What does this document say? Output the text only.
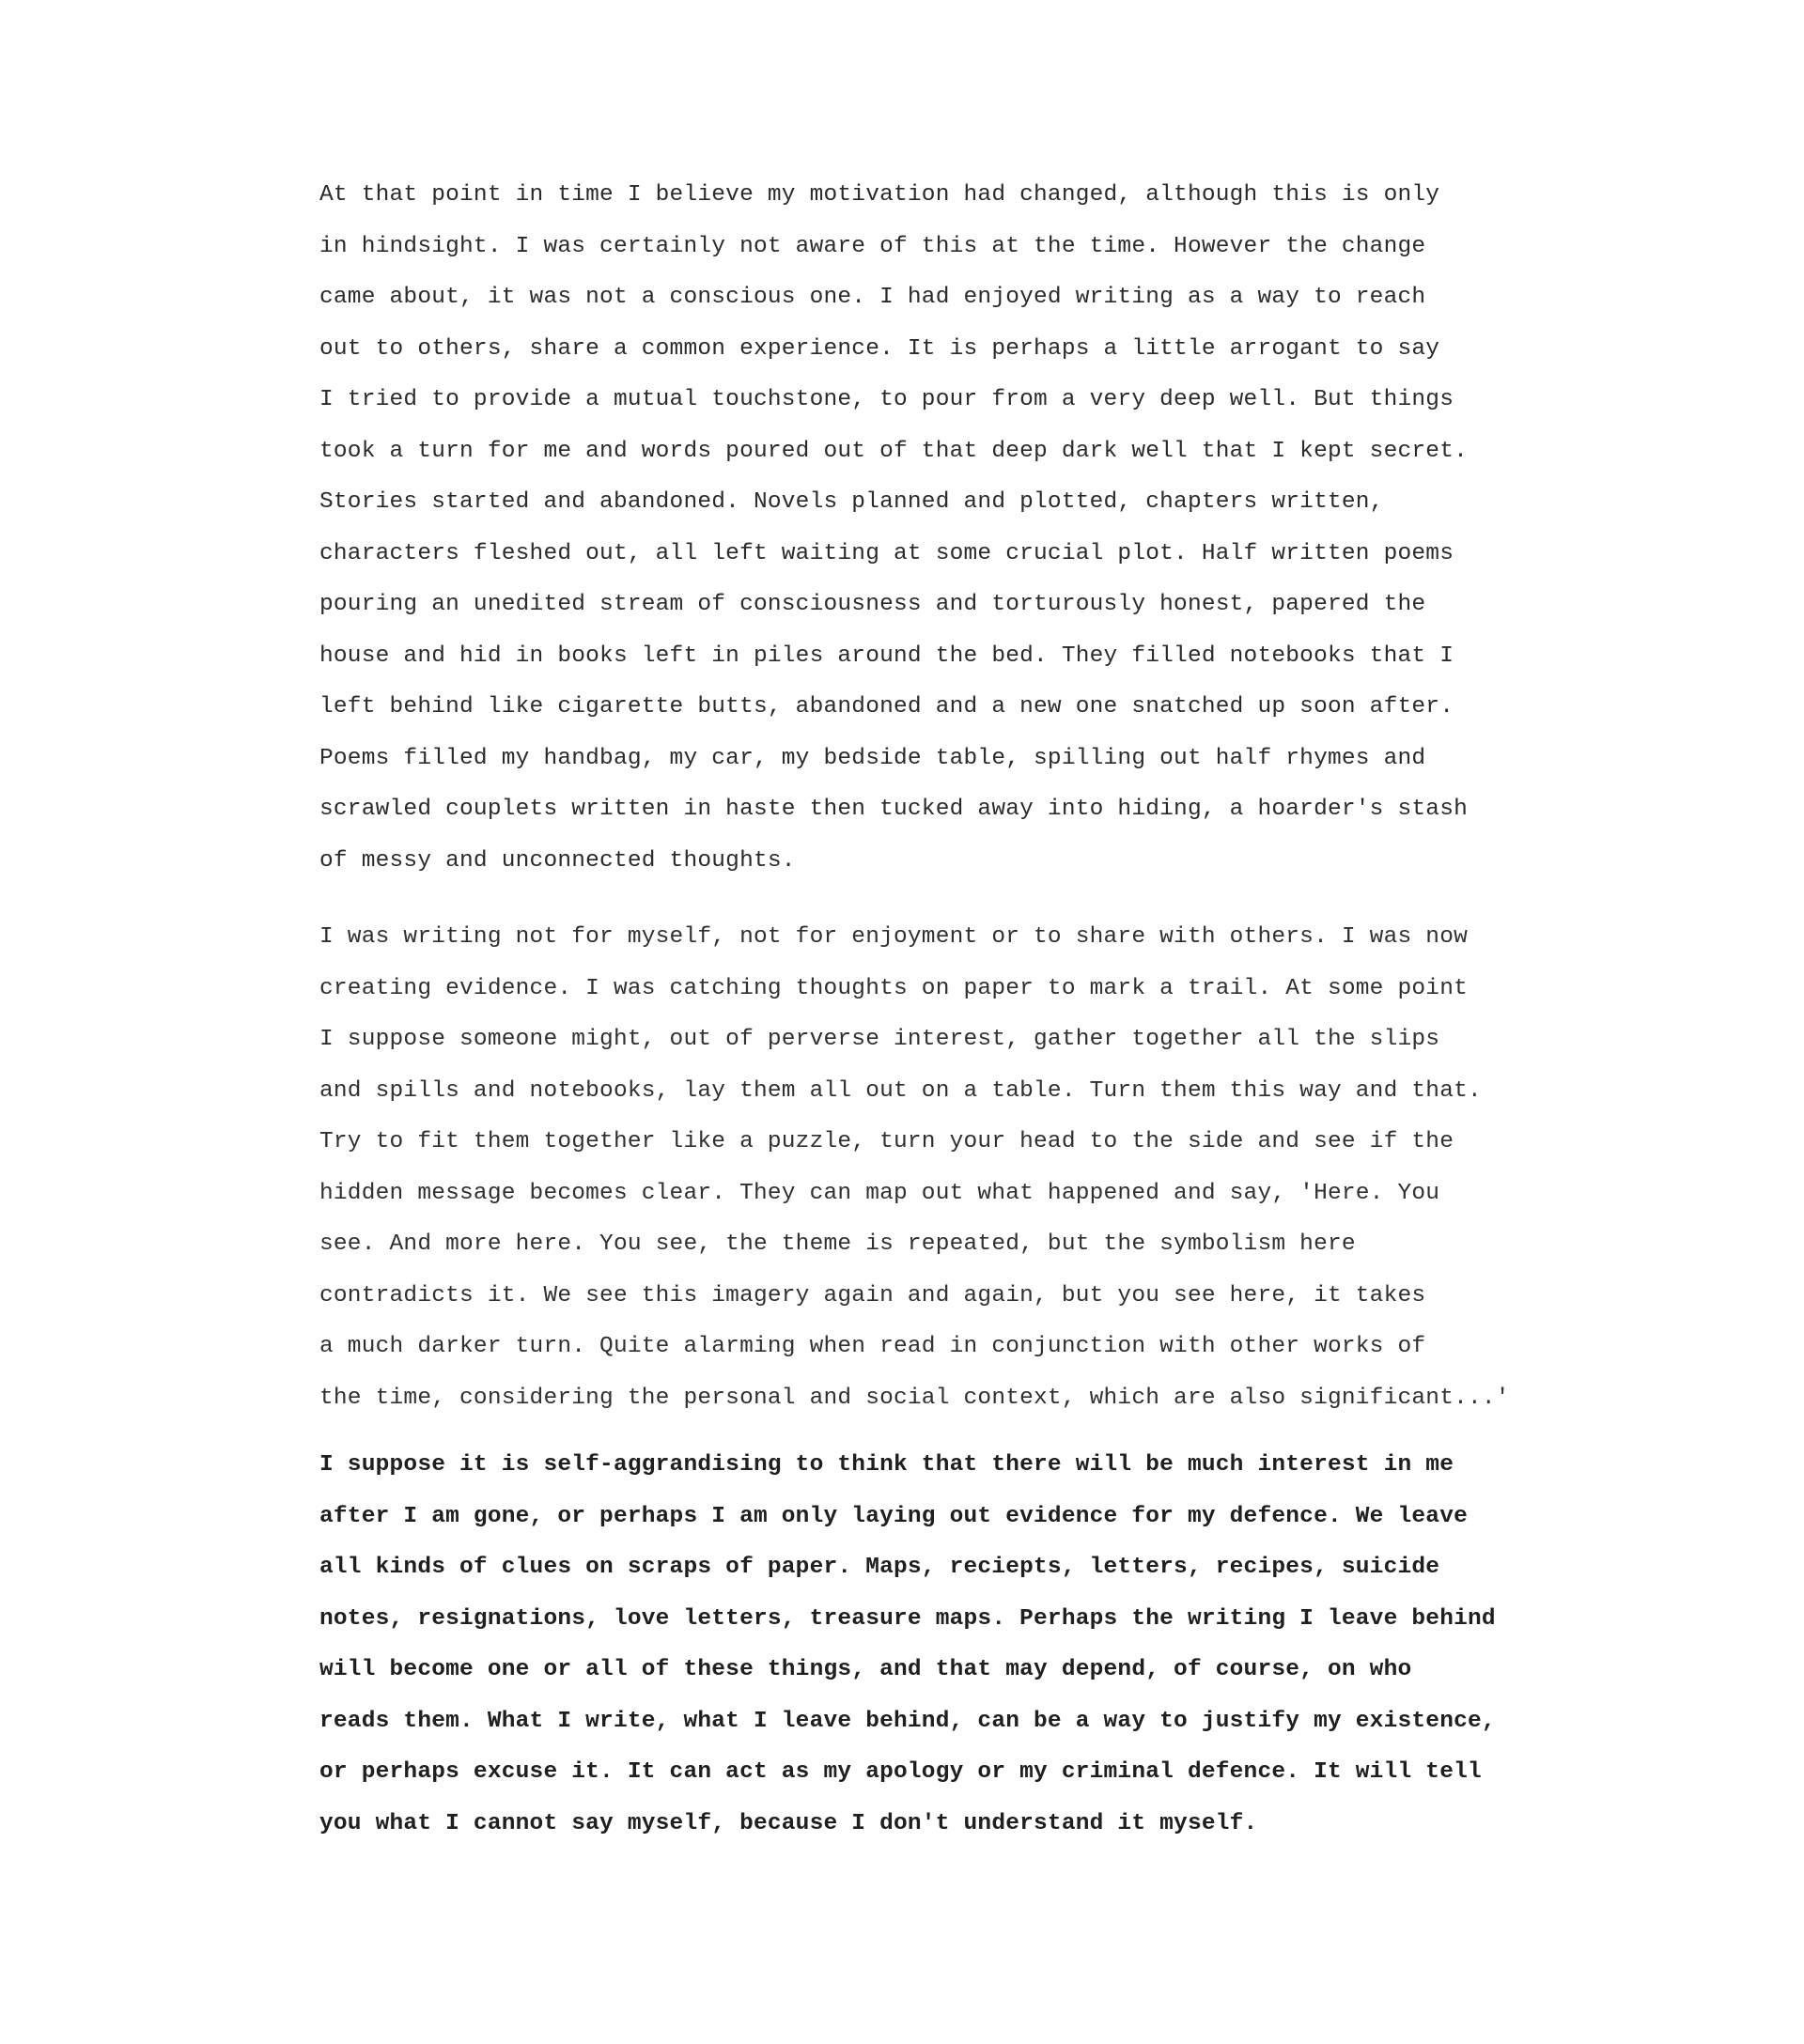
At that point in time I believe my motivation had changed, although this is only
in hindsight. I was certainly not aware of this at the time. However the change
came about, it was not a conscious one. I had enjoyed writing as a way to reach
out to others, share a common experience. It is perhaps a little arrogant to say
I tried to provide a mutual touchstone, to pour from a very deep well. But things
took a turn for me and words poured out of that deep dark well that I kept secret.
Stories started and abandoned. Novels planned and plotted, chapters written,
characters fleshed out, all left waiting at some crucial plot. Half written poems
pouring an unedited stream of consciousness and torturously honest, papered the
house and hid in books left in piles around the bed. They filled notebooks that I
left behind like cigarette butts, abandoned and a new one snatched up soon after.
Poems filled my handbag, my car, my bedside table, spilling out half rhymes and
scrawled couplets written in haste then tucked away into hiding, a hoarder's stash
of messy and unconnected thoughts.
I was writing not for myself, not for enjoyment or to share with others. I was now
creating evidence. I was catching thoughts on paper to mark a trail. At some point
I suppose someone might, out of perverse interest, gather together all the slips
and spills and notebooks, lay them all out on a table. Turn them this way and that.
Try to fit them together like a puzzle, turn your head to the side and see if the
hidden message becomes clear. They can map out what happened and say, 'Here. You
see. And more here. You see, the theme is repeated, but the symbolism here
contradicts it. We see this imagery again and again, but you see here, it takes
a much darker turn. Quite alarming when read in conjunction with other works of
the time, considering the personal and social context, which are also significant...'
I suppose it is self-aggrandising to think that there will be much interest in me
after I am gone, or perhaps I am only laying out evidence for my defence. We leave
all kinds of clues on scraps of paper. Maps, reciepts, letters, recipes, suicide
notes, resignations, love letters, treasure maps. Perhaps the writing I leave behind
will become one or all of these things, and that may depend, of course, on who
reads them. What I write, what I leave behind, can be a way to justify my existence,
or perhaps excuse it. It can act as my apology or my criminal defence. It will tell
you what I cannot say myself, because I don't understand it myself.
